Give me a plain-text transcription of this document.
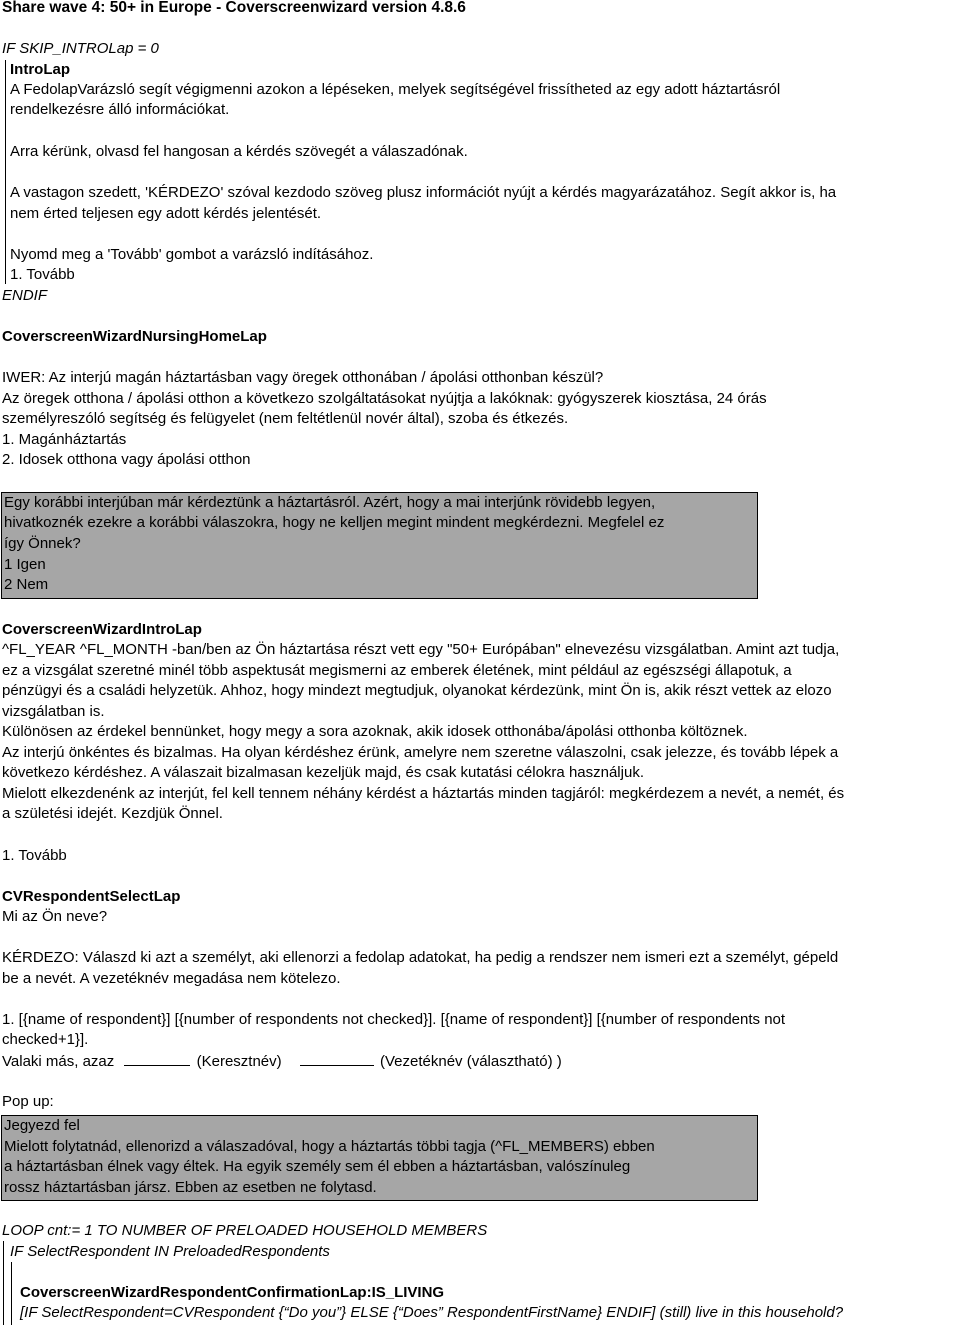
Share wave 4: 50+ in Europe - Coverscreenwizard version 4.8.6
IF SKIP_INTROLap = 0
IntroLap
A FedolapVarázsló segít végigmenni azokon a lépéseken, melyek segítségével frissítheted az egy adott háztartásról
rendelkezésre álló információkat.
Arra kérünk, olvasd fel hangosan a kérdés szövegét a válaszadónak.
A vastagon szedett, 'KÉRDEZO' szóval kezdodo szöveg plusz információt nyújt a kérdés magyarázatához. Segít akkor is, ha
nem érted teljesen egy adott kérdés jelentését.
Nyomd meg a 'Tovább' gombot a varázsló indításához.
1. Tovább
ENDIF
CoverscreenWizardNursingHomeLap
IWER: Az interjú magán háztartásban vagy öregek otthonában / ápolási otthonban készül?
Az öregek otthona / ápolási otthon a következo szolgáltatásokat nyújtja a lakóknak: gyógyszerek kiosztása, 24 órás
személyreszóló segítség és felügyelet (nem feltétlenül novér által), szoba és étkezés.
1. Magánháztartás
2. Idosek otthona vagy ápolási otthon
Egy korábbi interjúban már kérdeztünk a háztartásról. Azért, hogy a mai interjúnk rövidebb legyen,
hivatkoznék ezekre a korábbi válaszokra, hogy ne kelljen megint mindent megkérdezni. Megfelel ez
így Önnek?
1 Igen
2 Nem
CoverscreenWizardIntroLap
^FL_YEAR ^FL_MONTH -ban/ben az Ön háztartása részt vett egy "50+ Európában" elnevezésu vizsgálatban. Amint azt tudja,
ez a vizsgálat szeretné minél több aspektusát megismerni az emberek életének, mint például az egészségi állapotuk, a
pénzügyi és a családi helyzetük. Ahhoz, hogy mindezt megtudjuk, olyanokat kérdezünk, mint Ön is, akik részt vettek az elozo
vizsgálatban is.
Különösen az érdekel bennünket, hogy megy a sora azoknak, akik idosek otthonába/ápolási otthonba költöznek.
Az interjú önkéntes és bizalmas. Ha olyan kérdéshez érünk, amelyre nem szeretne válaszolni, csak jelezze, és tovább lépek a
következo kérdéshez. A válaszait bizalmasan kezeljük majd, és csak kutatási célokra használjuk.
Mielott elkezdenénk az interjút, fel kell tennem néhány kérdést a háztartás minden tagjáról: megkérdezem a nevét, a nemét, és
a születési idejét. Kezdjük Önnel.
1. Tovább
CVRespondentSelectLap
Mi az Ön neve?
KÉRDEZO: Válaszd ki azt a személyt, aki ellenorzi a fedolap adatokat, ha pedig a rendszer nem ismeri ezt a személyt, gépeld
be a nevét. A vezetéknév megadása nem kötelezo.
1. [{name of respondent}] [{number of respondents not checked}]. [{name of respondent}] [{number of respondents not
checked+1}].
Valaki más, azaz	(Keresztnév)	(Vezetéknév (választható) )
Pop up:
Jegyezd fel
Mielott folytatnád, ellenorizd a válaszadóval, hogy a háztartás többi tagja (^FL_MEMBERS) ebben
a háztartásban élnek vagy éltek. Ha egyik személy sem él ebben a háztartásban, valószínuleg
rossz háztartásban jársz. Ebben az esetben ne folytasd.
LOOP cnt:= 1 TO NUMBER OF PRELOADED HOUSEHOLD MEMBERS
IF SelectRespondent IN PreloadedRespondents
CoverscreenWizardRespondentConfirmationLap:IS_LIVING
[IF SelectRespondent=CVRespondent {“Do you”} ELSE {“Does” RespondentFirstName} ENDIF] (still) live in this household?
